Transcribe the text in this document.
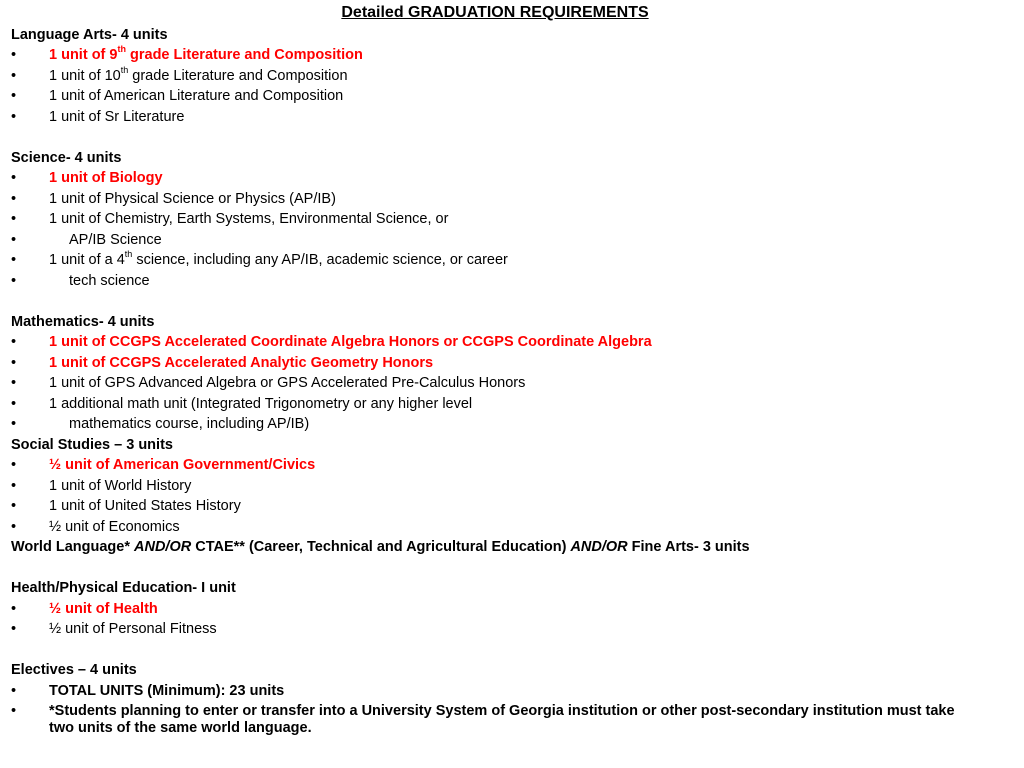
Detailed GRADUATION REQUIREMENTS
Language Arts- 4 units
•	1 unit of 9th grade Literature and Composition
•	1 unit of 10th grade Literature and Composition
•	1 unit of American Literature and Composition
•	1 unit of Sr Literature
Science- 4 units
•	1 unit of Biology
•	1 unit of Physical Science or Physics (AP/IB)
•	1 unit of Chemistry, Earth Systems, Environmental Science, or
•	AP/IB Science
•	1 unit of a 4th science, including any AP/IB, academic science, or career
•	tech science
Mathematics- 4 units
•	1 unit of CCGPS Accelerated Coordinate Algebra Honors or CCGPS Coordinate Algebra
•	1 unit of CCGPS Accelerated Analytic Geometry Honors
•	1 unit of GPS Advanced Algebra or GPS Accelerated Pre-Calculus Honors
•	1 additional math unit (Integrated Trigonometry or any higher level
•	mathematics course, including AP/IB)
Social Studies – 3 units
•	½ unit of American Government/Civics
•	1 unit of World History
•	1 unit of United States History
•	½ unit of Economics
World Language* AND/OR CTAE** (Career, Technical and Agricultural Education) AND/OR Fine Arts- 3 units
Health/Physical Education- I unit
•	½ unit of Health
•	½ unit of Personal Fitness
Electives – 4 units
•	TOTAL UNITS (Minimum): 23 units
•	*Students planning to enter or transfer into a University System of Georgia institution or other post-secondary institution must take two units of the same world language.
